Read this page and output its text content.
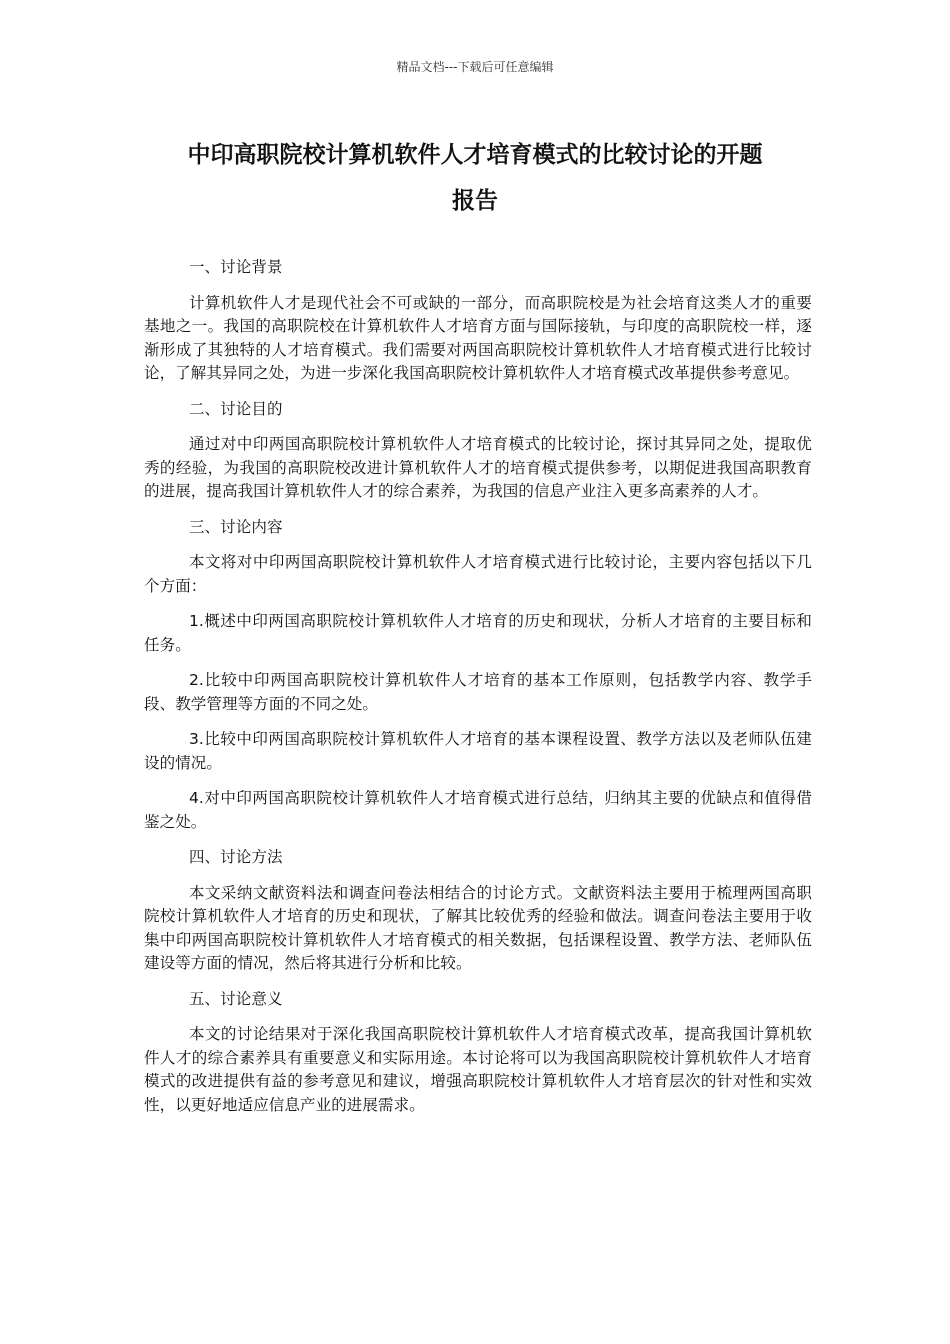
精品文档---下载后可任意编辑
中印高职院校计算机软件人才培育模式的比较讨论的开题
报告

一、讨论背景

计算机软件人才是现代社会不可或缺的一部分，而高职院校是为社会培育这类人才的重要基地之一。我国的高职院校在计算机软件人才培育方面与国际接轨，与印度的高职院校一样，逐渐形成了其独特的人才培育模式。我们需要对两国高职院校计算机软件人才培育模式进行比较讨论，了解其异同之处，为进一步深化我国高职院校计算机软件人才培育模式改革提供参考意见。

二、讨论目的

通过对中印两国高职院校计算机软件人才培育模式的比较讨论，探讨其异同之处，提取优秀的经验，为我国的高职院校改进计算机软件人才的培育模式提供参考，以期促进我国高职教育的进展，提高我国计算机软件人才的综合素养，为我国的信息产业注入更多高素养的人才。

三、讨论内容

本文将对中印两国高职院校计算机软件人才培育模式进行比较讨论，主要内容包括以下几个方面：

1.概述中印两国高职院校计算机软件人才培育的历史和现状，分析人才培育的主要目标和任务。

2.比较中印两国高职院校计算机软件人才培育的基本工作原则，包括教学内容、教学手段、教学管理等方面的不同之处。

3.比较中印两国高职院校计算机软件人才培育的基本课程设置、教学方法以及老师队伍建设的情况。

4.对中印两国高职院校计算机软件人才培育模式进行总结，归纳其主要的优缺点和值得借鉴之处。

四、讨论方法

本文采纳文献资料法和调查问卷法相结合的讨论方式。文献资料法主要用于梳理两国高职院校计算机软件人才培育的历史和现状，了解其比较优秀的经验和做法。调查问卷法主要用于收集中印两国高职院校计算机软件人才培育模式的相关数据，包括课程设置、教学方法、老师队伍建设等方面的情况，然后将其进行分析和比较。

五、讨论意义

本文的讨论结果对于深化我国高职院校计算机软件人才培育模式改革，提高我国计算机软件人才的综合素养具有重要意义和实际用途。本讨论将可以为我国高职院校计算机软件人才培育模式的改进提供有益的参考意见和建议，增强高职院校计算机软件人才培育层次的针对性和实效性，以更好地适应信息产业的进展需求。
